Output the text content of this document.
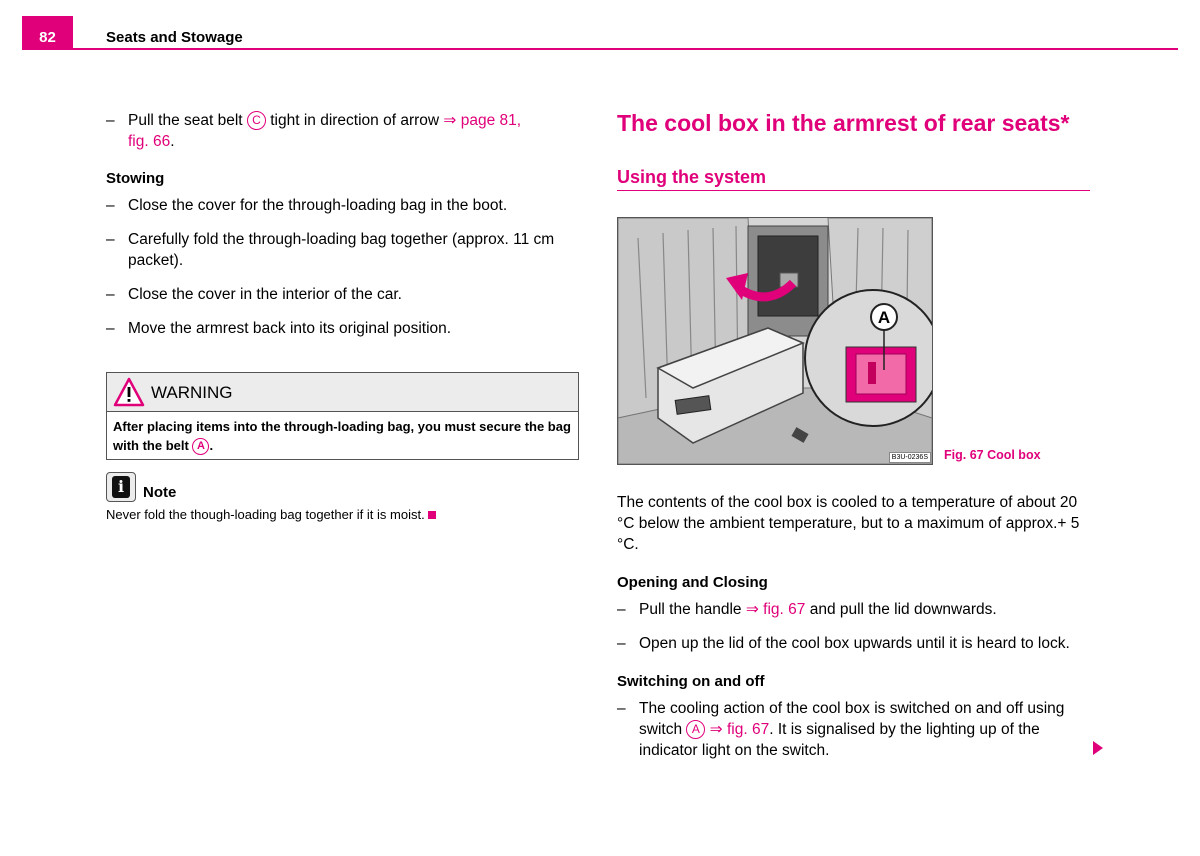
82	Seats and Stowage
– Pull the seat belt C tight in direction of arrow ⇒ page 81,
fig. 66.
Stowing
– Close the cover for the through-loading bag in the boot.
– Carefully fold the through-loading bag together (approx. 11 cm packet).
– Close the cover in the interior of the car.
– Move the armrest back into its original position.
WARNING
After placing items into the through-loading bag, you must secure the bag with the belt A .
i	Note
Never fold the though-loading bag together if it is moist.
The cool box in the armrest of rear seats*
Using the system
A
B3U-0236S Fig. 67 Cool box

The contents of the cool box is cooled to a temperature of about 20 °C below the ambient temperature, but to a maximum of approx.+ 5 °C.

Opening and Closing
– Pull the handle ⇒ fig. 67 and pull the lid downwards.
– Open up the lid of the cool box upwards until it is heard to lock.
Switching on and off
– The cooling action of the cool box is switched on and off using switch A ⇒ fig. 67. It is signalised by the lighting up of the indicator light on the switch.
